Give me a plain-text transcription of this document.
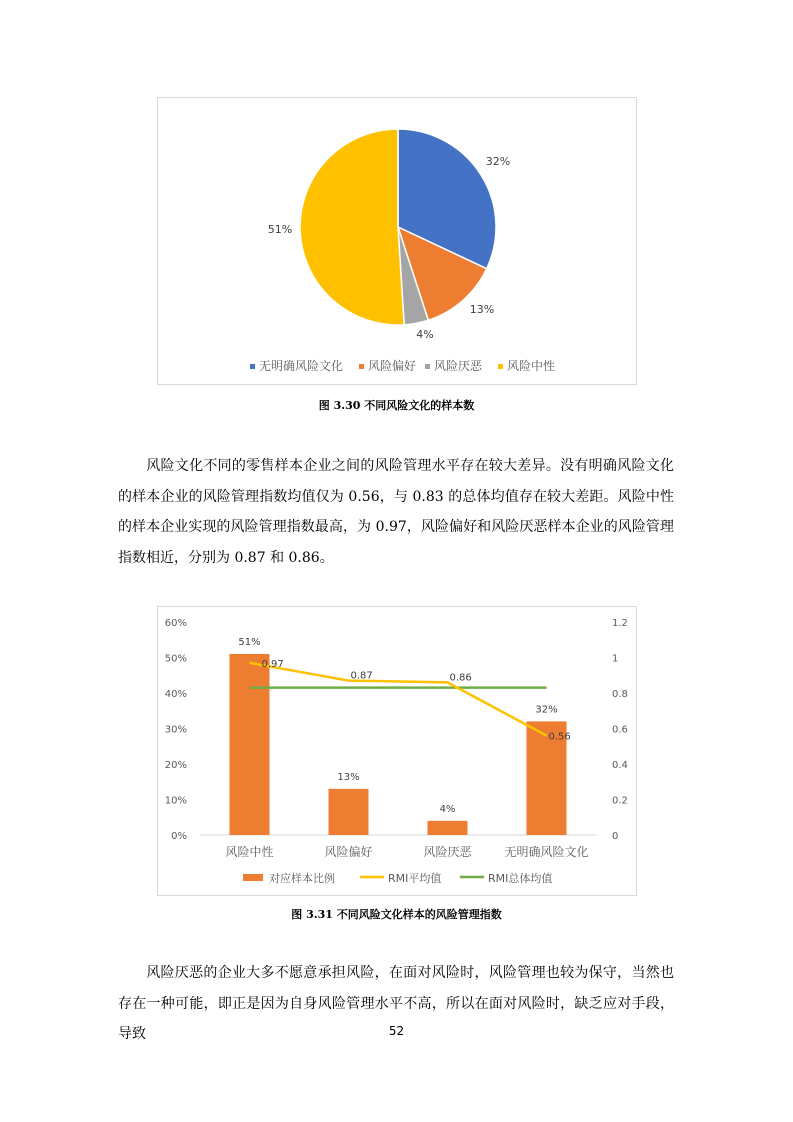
32%
13%
4%
51%
无明确风险文化 风险偏好 风险厌恶 风险中性
图 3.30 不同风险文化的样本数
风险文化不同的零售样本企业之间的风险管理水平存在较大差异。没有明确风险文化的样本企业的风险管理指数均值仅为 0.56，与 0.83 的总体均值存在较大差距。风险中性的样本企业实现的风险管理指数最高，为 0.97，风险偏好和风险厌恶样本企业的风险管理指数相近，分别为 0.87 和 0.86。
0%
10%
20%
30%
40%
50%
60%
0
0.2
0.4
0.6
0.8
1
1.2
51%
13%
4%
32%
0.97
0.87	0.86
0.56
风险中性	风险偏好	风险厌恶	无明确风险文化
对应样本比例	RMI平均值	RMI总体均值
图 3.31 不同风险文化样本的风险管理指数
风险厌恶的企业大多不愿意承担风险，在面对风险时，风险管理也较为保守，当然也存在一种可能，即正是因为自身风险管理水平不高，所以在面对风险时，缺乏应对手段，导致	52
